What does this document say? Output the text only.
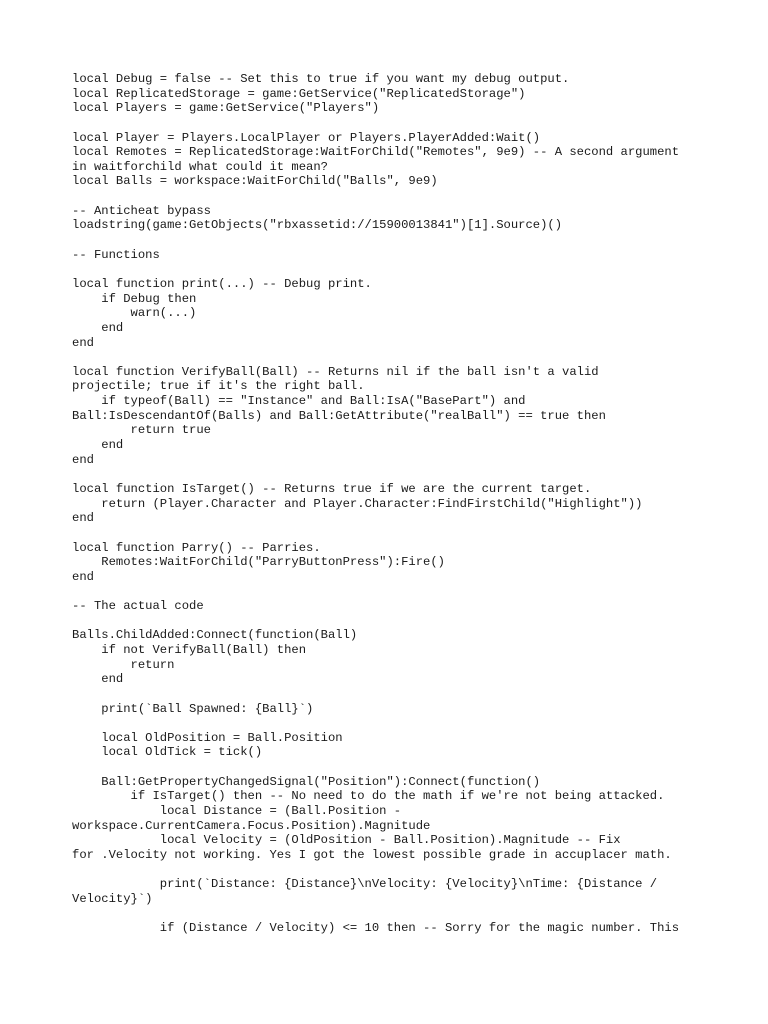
local Debug = false -- Set this to true if you want my debug output.
local ReplicatedStorage = game:GetService("ReplicatedStorage")
local Players = game:GetService("Players")
local Player = Players.LocalPlayer or Players.PlayerAdded:Wait()
local Remotes = ReplicatedStorage:WaitForChild("Remotes", 9e9) -- A second argument
in waitforchild what could it mean?
local Balls = workspace:WaitForChild("Balls", 9e9)
-- Anticheat bypass
loadstring(game:GetObjects("rbxassetid://15900013841")[1].Source)()
-- Functions
local function print(...) -- Debug print.
if Debug then
warn(...)
end
end
local function VerifyBall(Ball) -- Returns nil if the ball isn't a valid
projectile; true if it's the right ball.
if typeof(Ball) == "Instance" and Ball:IsA("BasePart") and
Ball:IsDescendantOf(Balls) and Ball:GetAttribute("realBall") == true then
return true
end
end
local function IsTarget() -- Returns true if we are the current target.
return (Player.Character and Player.Character:FindFirstChild("Highlight"))
end
local function Parry() -- Parries.
Remotes:WaitForChild("ParryButtonPress"):Fire()
end
-- The actual code
Balls.ChildAdded:Connect(function(Ball)
if not VerifyBall(Ball) then
return
end
print(`Ball Spawned: {Ball}`)
local OldPosition = Ball.Position
local OldTick = tick()
Ball:GetPropertyChangedSignal("Position"):Connect(function()
if IsTarget() then -- No need to do the math if we're not being attacked.
local Distance = (Ball.Position -
workspace.CurrentCamera.Focus.Position).Magnitude
local Velocity = (OldPosition - Ball.Position).Magnitude -- Fix
for .Velocity not working. Yes I got the lowest possible grade in accuplacer math.
print(`Distance: {Distance}\nVelocity: {Velocity}\nTime: {Distance /
Velocity}`)
if (Distance / Velocity) <= 10 then -- Sorry for the magic number. This
